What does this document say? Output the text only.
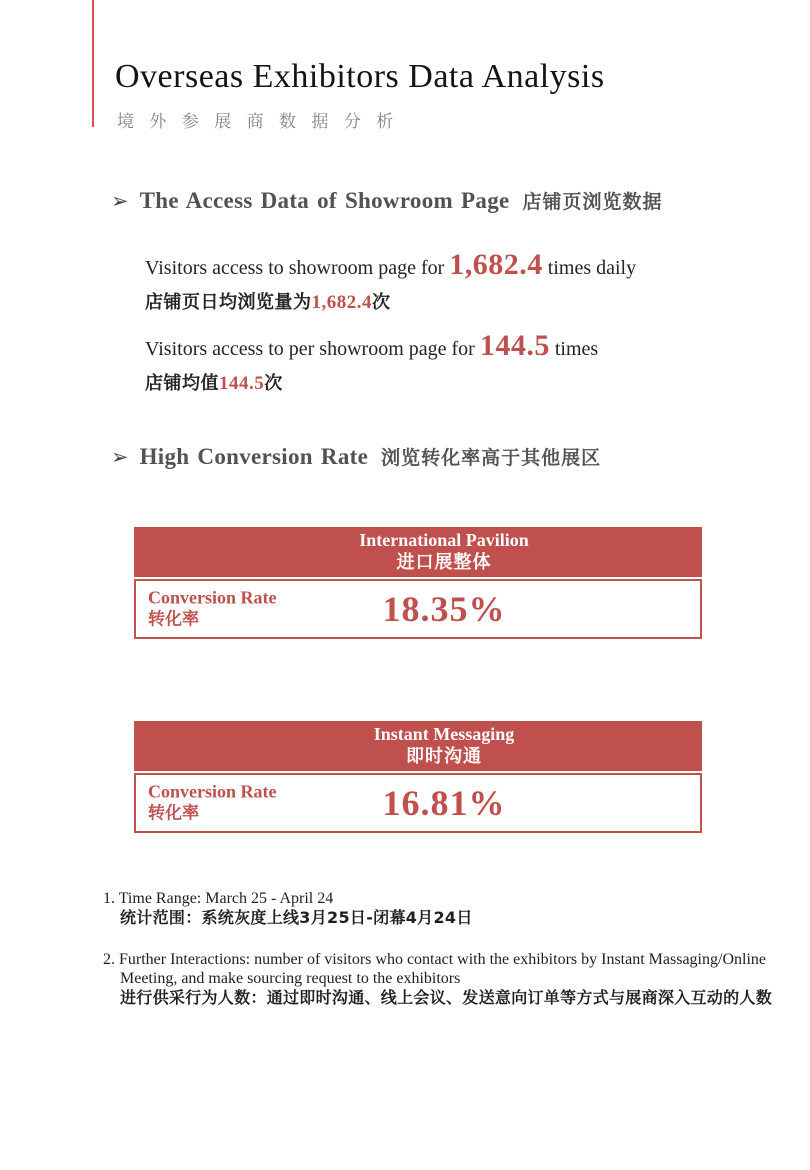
Overseas Exhibitors Data Analysis
境 外 参 展 商 数 据 分 析
➢ The Access Data of Showroom Page 店铺页浏览数据
Visitors access to showroom page for 1,682.4 times daily
店铺页日均浏览量为1,682.4次
Visitors access to per showroom page for 144.5 times
店铺均值144.5次
➢ High Conversion Rate 浏览转化率高于其他展区
International Pavilion
进口展整体
Conversion Rate
转化率	18.35%
Instant Messaging
即时沟通
Conversion Rate
转化率	16.81%
1. Time Range: March 25 - April 24
统计范围：系统灰度上线3月25日-闭幕4月24日
2. Further Interactions: number of visitors who contact with the exhibitors by Instant Massaging/Online
Meeting, and make sourcing request to the exhibitors
进行供采行为人数：通过即时沟通、线上会议、发送意向订单等方式与展商深入互动的人数
